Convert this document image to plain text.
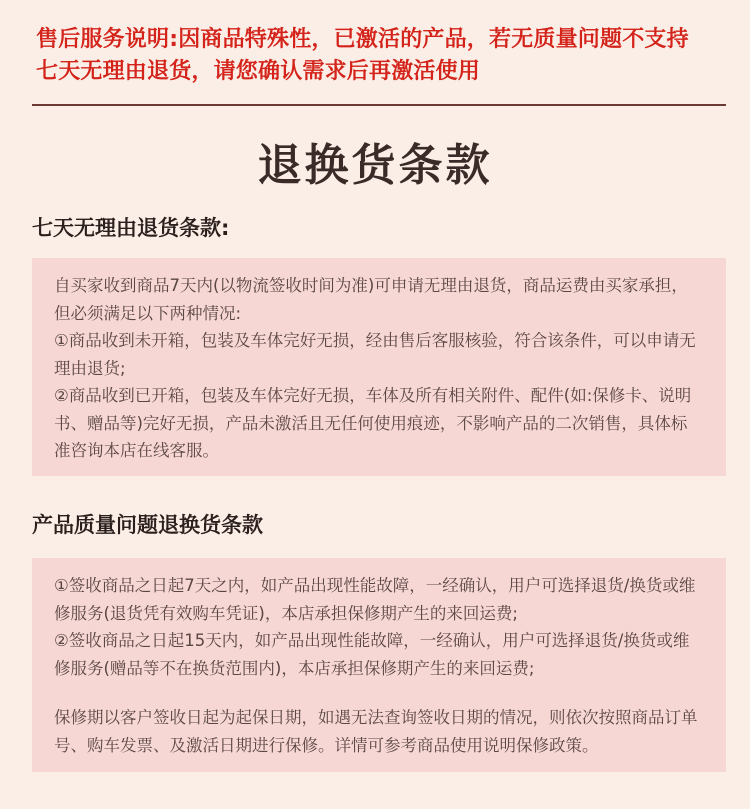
售后服务说明:因商品特殊性，已激活的产品，若无质量问题不支持
七天无理由退货，请您确认需求后再激活使用
退换货条款
七天无理由退货条款:

自买家收到商品7天内(以物流签收时间为准)可申请无理由退货，商品运费由买家承担，但必须满足以下两种情况:

①商品收到未开箱，包装及车体完好无损，经由售后客服核验，符合该条件，可以申请无理由退货;

②商品收到已开箱，包装及车体完好无损，车体及所有相关附件、配件(如:保修卡、说明书、赠品等)完好无损，产品未激活且无任何使用痕迹，不影响产品的二次销售，具体标准咨询本店在线客服。

产品质量问题退换货条款

①签收商品之日起7天之内，如产品出现性能故障，一经确认，用户可选择退货/换货或维修服务(退货凭有效购车凭证)，本店承担保修期产生的来回运费;

②签收商品之日起15天内，如产品出现性能故障，一经确认，用户可选择退货/换货或维修服务(赠品等不在换货范围内)，本店承担保修期产生的来回运费;

保修期以客户签收日起为起保日期，如遇无法查询签收日期的情况，则依次按照商品订单号、购车发票、及激活日期进行保修。详情可参考商品使用说明保修政策。
